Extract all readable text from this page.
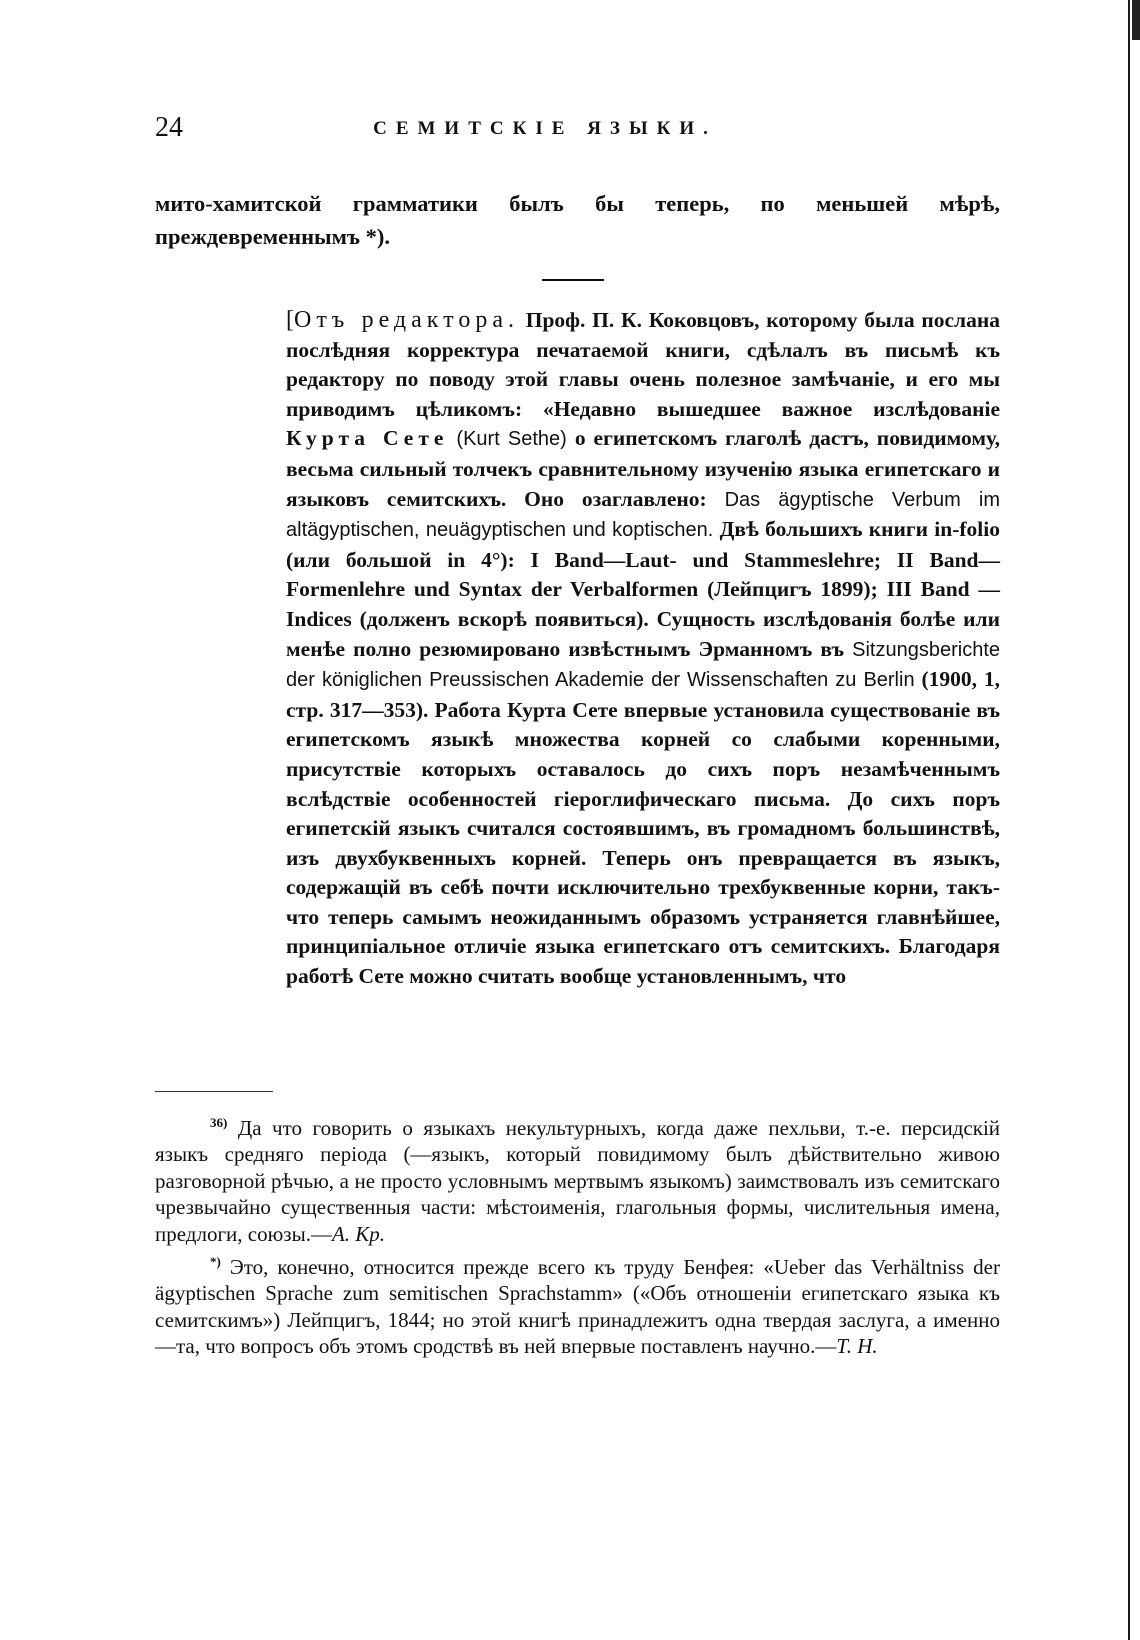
24	СЕМИТСКІЕ ЯЗЫКИ.
мито-хамитской грамматики былъ бы теперь, по меньшей мѣрѣ, преждевременнымъ *).
[Отъ редактора. Проф. П. К. Коковцовъ, которому была послана послѣдняя корректура печатаемой книги, сдѣлалъ въ письмѣ къ редактору по поводу этой главы очень полезное замѣчаніе, и его мы приводимъ цѣликомъ: «Недавно вышедшее важное изслѣдованіе Курта Сете (Kurt Sethe) о египетскомъ глаголѣ дастъ, повидимому, весьма сильный толчекъ сравнительному изученію языка египетскаго и языковъ семитскихъ. Оно озаглавлено: Das ägyptische Verbum im altägyptischen, neuägyptischen und koptischen. Двѣ большихъ книги in-folio (или большой in 4°): I Band—Laut- und Stammeslehre; II Band—Formenlehre und Syntax der Verbalformen (Лейпцигъ 1899); III Band — Indices (долженъ вскорѣ появиться). Сущность изслѣдованія болѣе или менѣе полно резюмировано извѣстнымъ Эрманномъ въ Sitzungsberichte der königlichen Preussischen Akademie der Wissenschaften zu Berlin (1900, 1, стр. 317—353). Работа Курта Сете впервые установила существованіе въ египетскомъ языкѣ множества корней со слабыми коренными, присутствіе которыхъ оставалось до сихъ поръ незамѣченнымъ вслѣдствіе особенностей гіероглифическаго письма. До сихъ поръ египетскій языкъ считался состоявшимъ, въ громадномъ большинствѣ, изъ двухбуквенныхъ корней. Теперь онъ превращается въ языкъ, содержащій въ себѣ почти исключительно трехбуквенные корни, такъ-что теперь самымъ неожиданнымъ образомъ устраняется главнѣйшее, принципіальное отличіе языка египетскаго отъ семитскихъ. Благодаря работѣ Сете можно считать вообще установленнымъ, что

$^{36)}$ Да что говорить о языкахъ некультурныхъ, когда даже пехльви, т.-е. персидскій языкъ средняго періода (—языкъ, который повидимому былъ дѣйствительно живою разговорной рѣчью, а не просто условнымъ мертвымъ языкомъ) заимствовалъ изъ семитскаго чрезвычайно существенныя части: мѣстоименія, глагольныя формы, числительныя имена, предлоги, союзы.—А. Кр.

*) Это, конечно, относится прежде всего къ труду Бенфея: «Ueber das Verhältniss der ägyptischen Sprache zum semitischen Sprachstamm» («Объ отношеніи египетскаго языка къ семитскимъ») Лейпцигъ, 1844; но этой книгѣ принадлежитъ одна твердая заслуга, а именно—та, что вопросъ объ этомъ сродствѣ въ ней впервые поставленъ научно.—Т. Н.
